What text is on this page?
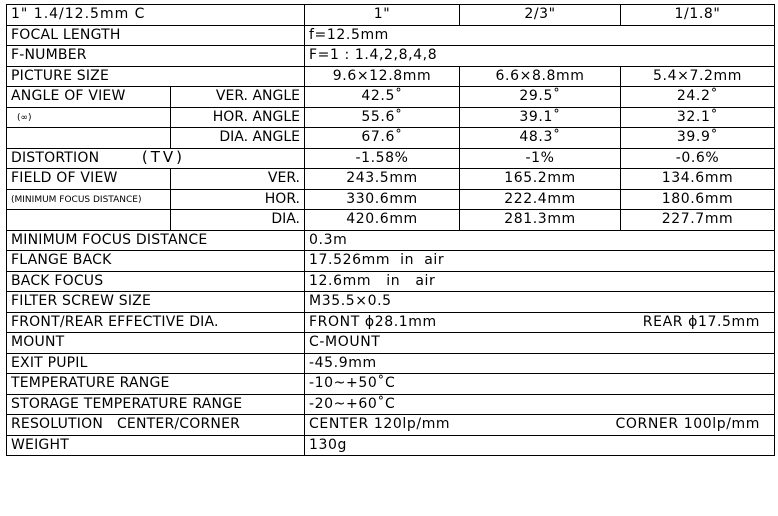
1" 1.4/12.5mm C		1"	2/3"	1/1.8"
FOCAL LENGTH		f=12.5mm		
F-NUMBER		F=1 : 1.4,2,8,4,8		
PICTURE SIZE		9.6×12.8mm	6.6×8.8mm	5.4×7.2mm
ANGLE OF VIEW	VER. ANGLE	42.5˚	29.5˚	24.2˚
(∞)	HOR. ANGLE	55.6˚	39.1˚	32.1˚
	DIA. ANGLE	67.6˚	48.3˚	39.9˚
DISTORTION (TV)		-1.58%	-1%	-0.6%
FIELD OF VIEW	VER.	243.5mm	165.2mm	134.6mm
(MINIMUM FOCUS DISTANCE)	HOR.	330.6mm	222.4mm	180.6mm
	DIA.	420.6mm	281.3mm	227.7mm
MINIMUM FOCUS DISTANCE		0.3m		
FLANGE BACK		17.526mm  in  air		
BACK FOCUS		12.6mm   in   air		
FILTER SCREW SIZE		M35.5×0.5		
FRONT/REAR EFFECTIVE DIA.		FRONT ϕ28.1mm REAR ϕ17.5mm		

MOUNT		C-MOUNT		
EXIT PUPIL		-45.9mm		
TEMPERATURE RANGE		-10~+50˚C		
STORAGE TEMPERATURE RANGE		-20~+60˚C		
RESOLUTION   CENTER/CORNER		CENTER 120lp/mm CORNER 100lp/mm		

WEIGHT		130g		
